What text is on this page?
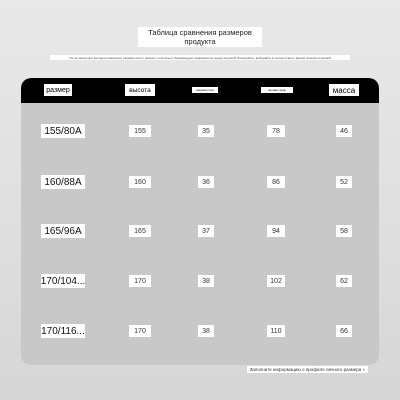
Таблица сравнения размеров продукта
*из-за различных методов измерения, размеры могут немного отличаться. Рекомендуем ознакомиться перед покупкой. Пожалуйста, выбирайте в соответствии с вашей личной ситуацией
размер	высота	ширина плеч	полная грудь	масса
155/80A	155	35	78	46
160/88A	160	36	86	52
165/96A	165	37	94	58
170/104...	170	38	102	62
170/116...	170	38	110	66
Заполните информацию о профиле личного размера »
